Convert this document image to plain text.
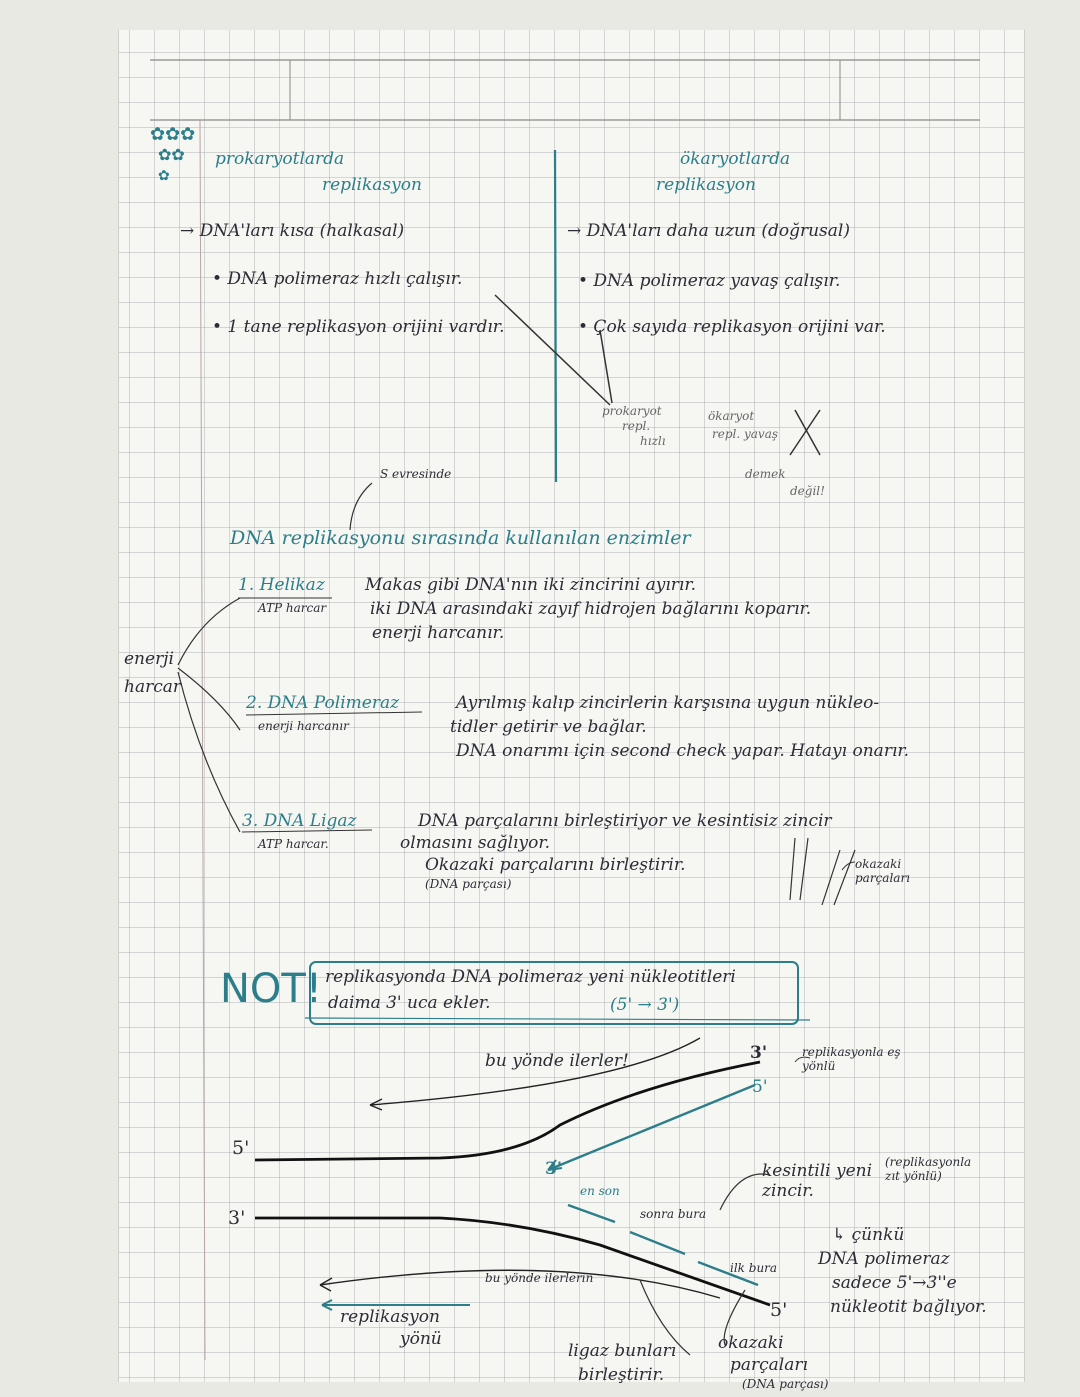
✿✿✿
✿✿
✿
prokaryotlarda
replikasyon
ökaryotlarda
replikasyon
→ DNA'ları kısa (halkasal)
• DNA polimeraz hızlı çalışır.
• 1 tane replikasyon orijini vardır.
→ DNA'ları daha uzun (doğrusal)
• DNA polimeraz yavaş çalışır.
• Çok sayıda replikasyon orijini var.
prokaryot
repl.
hızlı
ökaryot
repl. yavaş
demek
değil!
S evresinde
DNA replikasyonu sırasında kullanılan enzimler
enerji
harcar
1. Helikaz
ATP harcar
Makas gibi DNA'nın iki zincirini ayırır.
iki DNA arasındaki zayıf hidrojen bağlarını koparır.
enerji harcanır.
2. DNA Polimeraz
enerji harcanır
Ayrılmış kalıp zincirlerin karşısına uygun nükleo-
tidler getirir ve bağlar.
DNA onarımı için second check yapar. Hatayı onarır.
3. DNA Ligaz
ATP harcar.
DNA parçalarını birleştiriyor ve kesintisiz zincir
olmasını sağlıyor.
Okazaki parçalarını birleştirir.
(DNA parçası)
okazaki parçaları
NOT! replikasyonda DNA polimeraz yeni nükleotitleri
daima 3' uca ekler.	(5' → 3')
bu yönde ilerler!
5'
3'
3'
5'
replikasyonla eş yönlü
3'
en son
sonra bura
ilk bura
5'
kesintili yeni zincir.
(replikasyonla zıt yönlü)
↳ çünkü
DNA polimeraz
sadece 5'→3''e
nükleotit bağlıyor.
bu yönde ilerlerin
replikasyon
yönü
ligaz bunları
birleştirir.
okazaki
parçaları
(DNA parçası)
